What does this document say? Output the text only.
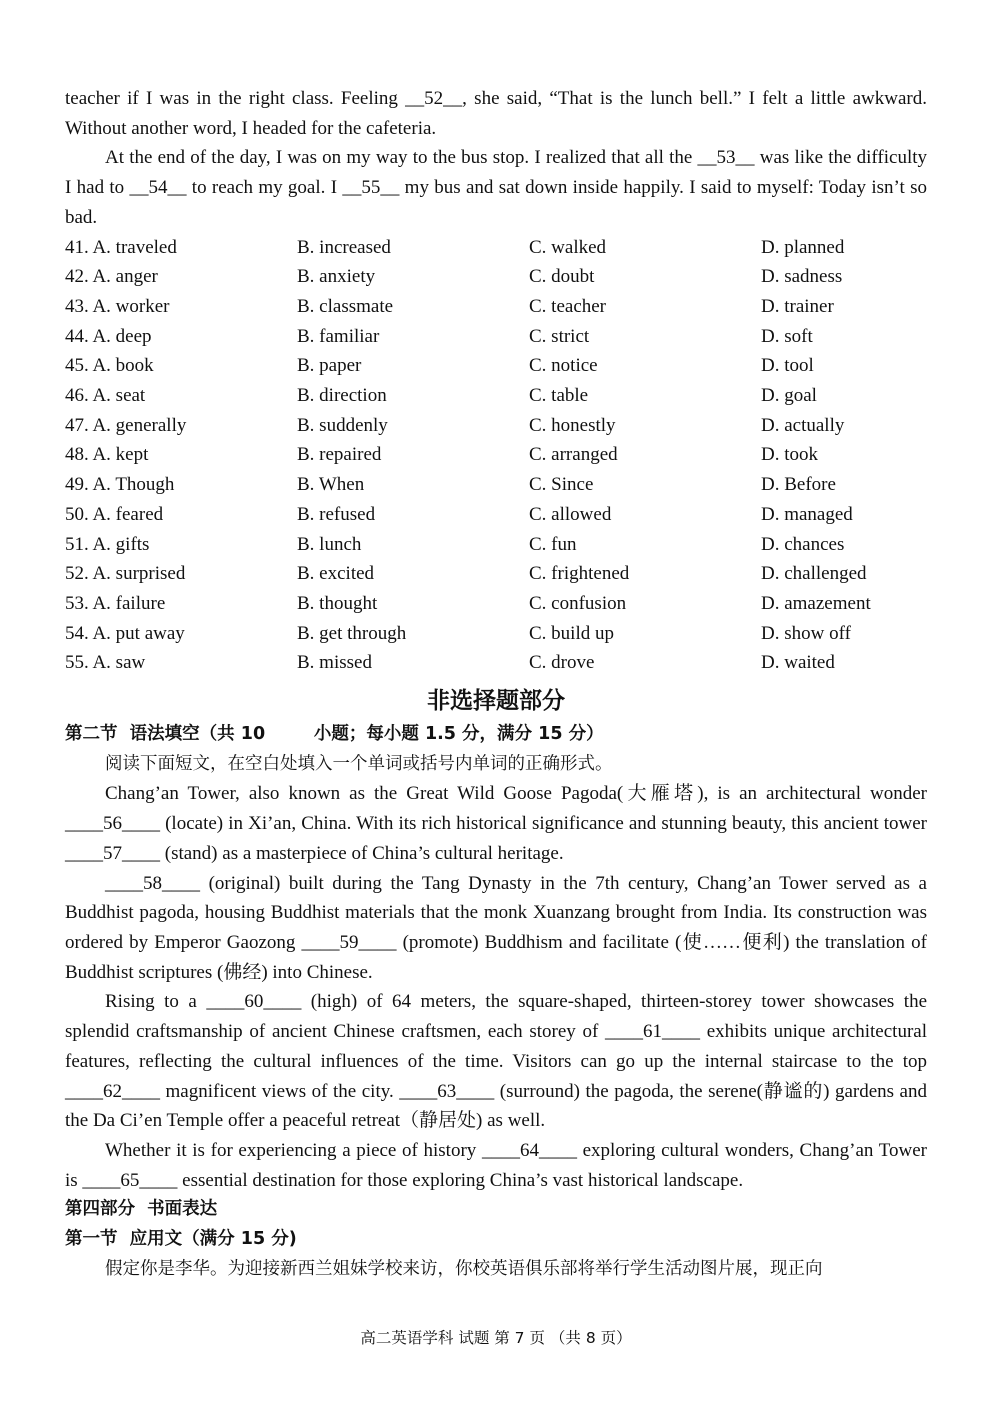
teacher if I was in the right class. Feeling __52__, she said, “That is the lunch bell.” I felt a little awkward. Without another word, I headed for the cafeteria.

At the end of the day, I was on my way to the bus stop. I realized that all the __53__ was like the difficulty I had to __54__ to reach my goal. I __55__ my bus and sat down inside happily. I said to myself: Today isn’t so bad.

41. A. traveled	B. increased	C. walked	D. planned
42. A. anger	B. anxiety	C. doubt	D. sadness
43. A. worker	B. classmate	C. teacher	D. trainer
44. A. deep	B. familiar	C. strict	D. soft
45. A. book	B. paper	C. notice	D. tool
46. A. seat	B. direction	C. table	D. goal
47. A. generally	B. suddenly	C. honestly	D. actually
48. A. kept	B. repaired	C. arranged	D. took
49. A. Though	B. When	C. Since	D. Before
50. A. feared	B. refused	C. allowed	D. managed
51. A. gifts	B. lunch	C. fun	D. chances
52. A. surprised	B. excited	C. frightened	D. challenged
53. A. failure	B. thought	C. confusion	D. amazement
54. A. put away	B. get through	C. build up	D. show off
55. A. saw	B. missed	C. drove	D. waited
非选择题部分

第二节  语法填空（共 10        小题；每小题 1.5 分，满分 15 分）

阅读下面短文，在空白处填入一个单词或括号内单词的正确形式。

Chang’an Tower, also known as the Great Wild Goose Pagoda(大雁塔), is an architectural wonder ____56____ (locate) in Xi’an, China. With its rich historical significance and stunning beauty, this ancient tower ____57____ (stand) as a masterpiece of China’s cultural heritage.

____58____ (original) built during the Tang Dynasty in the 7th century, Chang’an Tower served as a Buddhist pagoda, housing Buddhist materials that the monk Xuanzang brought from India. Its construction was ordered by Emperor Gaozong ____59____ (promote) Buddhism and facilitate (使……便利) the translation of Buddhist scriptures (佛经) into Chinese.

Rising to a ____60____ (high) of 64 meters, the square-shaped, thirteen-storey tower showcases the splendid craftsmanship of ancient Chinese craftsmen, each storey of ____61____ exhibits unique architectural features, reflecting the cultural influences of the time. Visitors can go up the internal staircase to the top ____62____ magnificent views of the city. ____63____ (surround) the pagoda, the serene(静谧的) gardens and the Da Ci’en Temple offer a peaceful retreat（静居处) as well.

Whether it is for experiencing a piece of history ____64____ exploring cultural wonders, Chang’an Tower is ____65____ essential destination for those exploring China’s vast historical landscape.

第四部分  书面表达

第一节  应用文（满分 15 分)

假定你是李华。为迎接新西兰姐妹学校来访，你校英语俱乐部将举行学生活动图片展，现正向

高二英语学科 试题 第 7 页 （共 8 页）
